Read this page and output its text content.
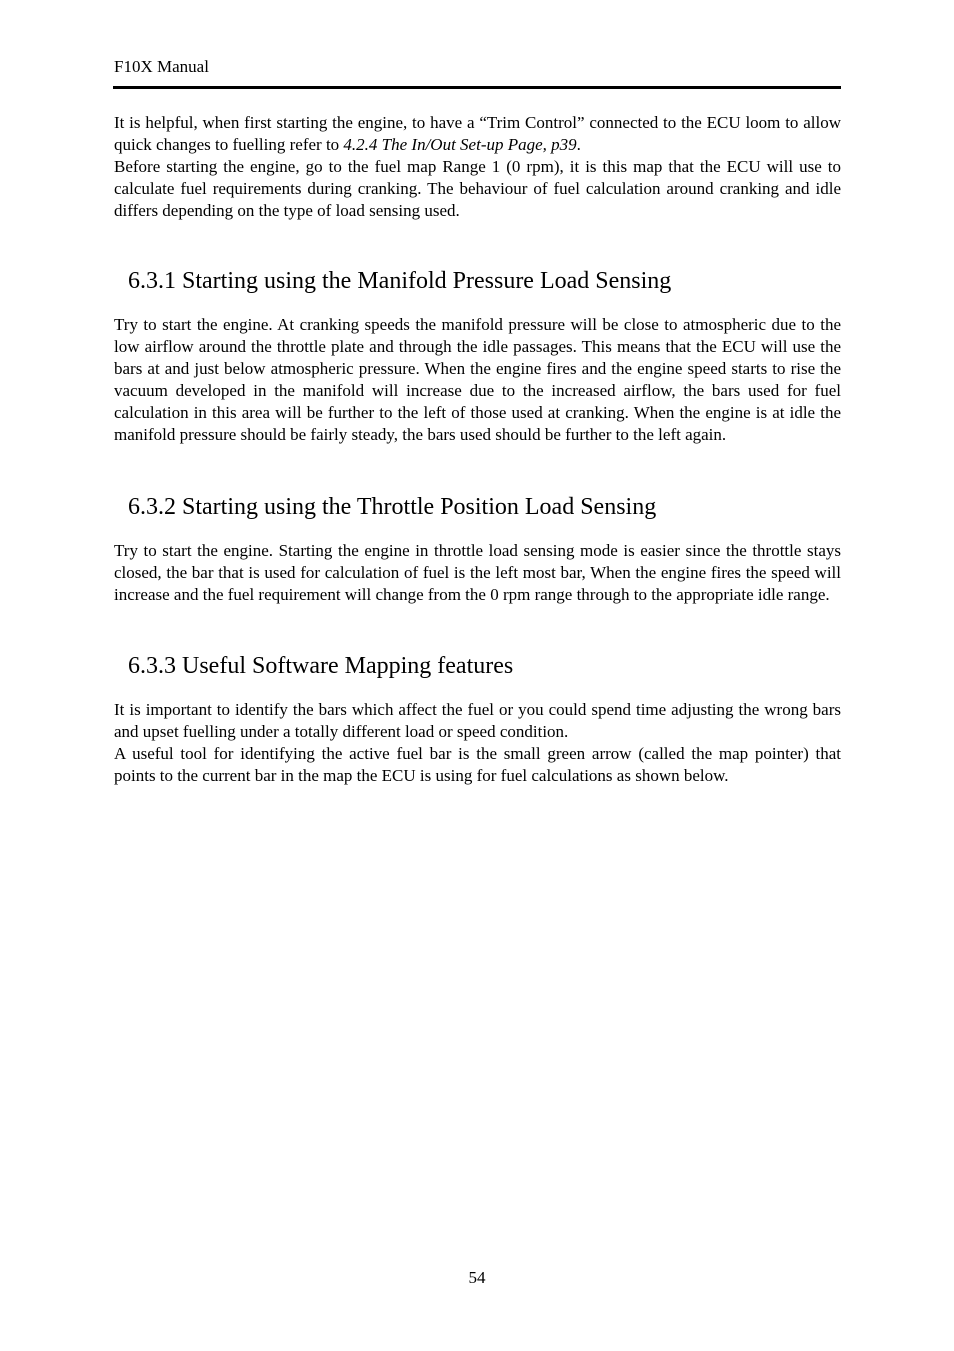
F10X Manual

It is helpful, when first starting the engine, to have a “Trim Control” connected to the ECU loom to allow quick changes to fuelling refer to 4.2.4 The In/Out Set-up Page, p39.

Before starting the engine, go to the fuel map Range 1 (0 rpm), it is this map that the ECU will use to calculate fuel requirements during cranking. The behaviour of fuel calculation around cranking and idle differs depending on the type of load sensing used.

6.3.1 Starting using the Manifold Pressure Load Sensing

Try to start the engine. At cranking speeds the manifold pressure will be close to atmospheric due to the low airflow around the throttle plate and through the idle passages. This means that the ECU will use the bars at and just below atmospheric pressure. When the engine fires and the engine speed starts to rise the vacuum developed in the manifold will increase due to the increased airflow, the bars used for fuel calculation in this area will be further to the left of those used at cranking. When the engine is at idle the manifold pressure should be fairly steady, the bars used should be further to the left again.

6.3.2 Starting using the Throttle Position Load Sensing

Try to start the engine. Starting the engine in throttle load sensing mode is easier since the throttle stays closed, the bar that is used for calculation of fuel is the left most bar, When the engine fires the speed will increase and the fuel requirement will change from the 0 rpm range through to the appropriate idle range.

6.3.3 Useful Software Mapping features

It is important to identify the bars which affect the fuel or you could spend time adjusting the wrong bars and upset fuelling under a totally different load or speed condition.

A useful tool for identifying the active fuel bar is the small green arrow (called the map pointer) that points to the current bar in the map the ECU is using for fuel calculations as shown below.

54
